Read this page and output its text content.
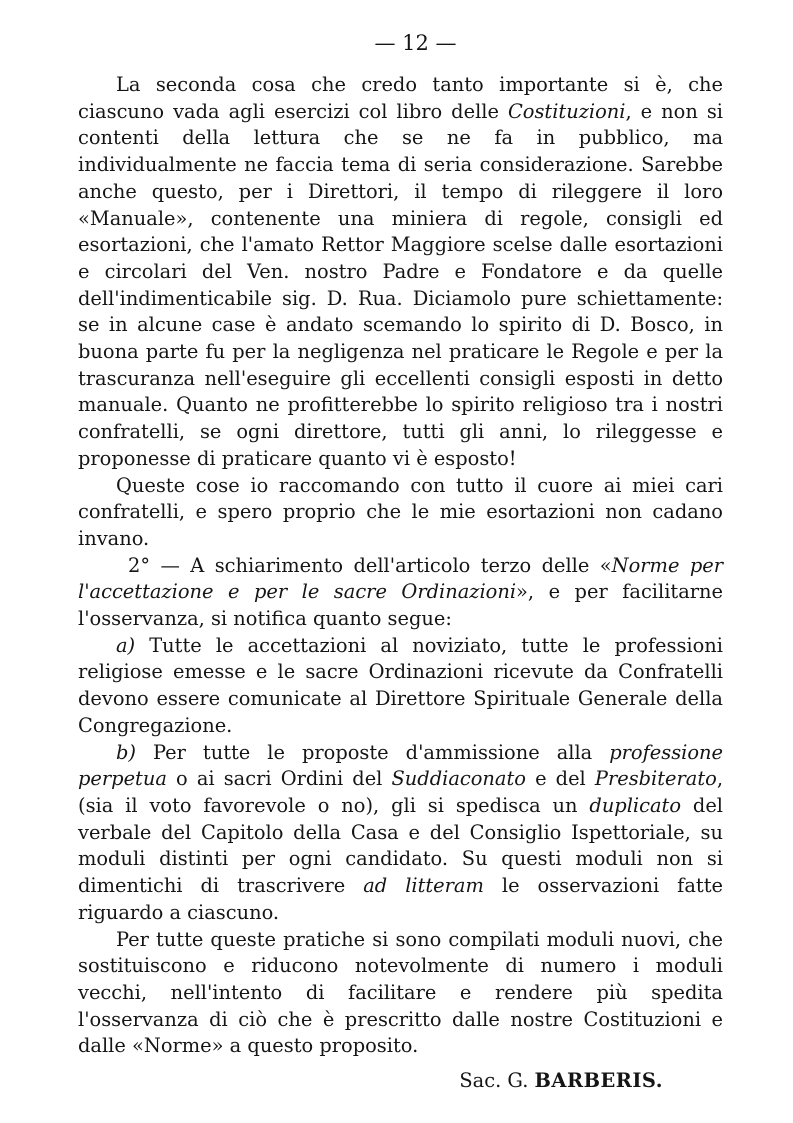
— 12 —

La seconda cosa che credo tanto importante si è, che ciascuno vada agli esercizi col libro delle Costituzioni, e non si contenti della lettura che se ne fa in pubblico, ma individualmente ne faccia tema di seria considerazione. Sarebbe anche questo, per i Direttori, il tempo di rileggere il loro «Manuale», contenente una miniera di regole, consigli ed esortazioni, che l'amato Rettor Maggiore scelse dalle esortazioni e circolari del Ven. nostro Padre e Fondatore e da quelle dell'indimenticabile sig. D. Rua. Diciamolo pure schiettamente: se in alcune case è andato scemando lo spirito di D. Bosco, in buona parte fu per la negligenza nel praticare le Regole e per la trascuranza nell'eseguire gli eccellenti consigli esposti in detto manuale. Quanto ne profitterebbe lo spirito religioso tra i nostri confratelli, se ogni direttore, tutti gli anni, lo rileggesse e proponesse di praticare quanto vi è esposto!

Queste cose io raccomando con tutto il cuore ai miei cari confratelli, e spero proprio che le mie esortazioni non cadano invano.

2° — A schiarimento dell'articolo terzo delle «Norme per l'accettazione e per le sacre Ordinazioni», e per facilitarne l'osservanza, si notifica quanto segue:

a) Tutte le accettazioni al noviziato, tutte le professioni religiose emesse e le sacre Ordinazioni ricevute da Confratelli devono essere comunicate al Direttore Spirituale Generale della Congregazione.

b) Per tutte le proposte d'ammissione alla professione perpetua o ai sacri Ordini del Suddiaconato e del Presbiterato, (sia il voto favorevole o no), gli si spedisca un duplicato del verbale del Capitolo della Casa e del Consiglio Ispettoriale, su moduli distinti per ogni candidato. Su questi moduli non si dimentichi di trascrivere ad litteram le osservazioni fatte riguardo a ciascuno.

Per tutte queste pratiche si sono compilati moduli nuovi, che sostituiscono e riducono notevolmente di numero i moduli vecchi, nell'intento di facilitare e rendere più spedita l'osservanza di ciò che è prescritto dalle nostre Costituzioni e dalle «Norme» a questo proposito.

Sac. G. BARBERIS.
